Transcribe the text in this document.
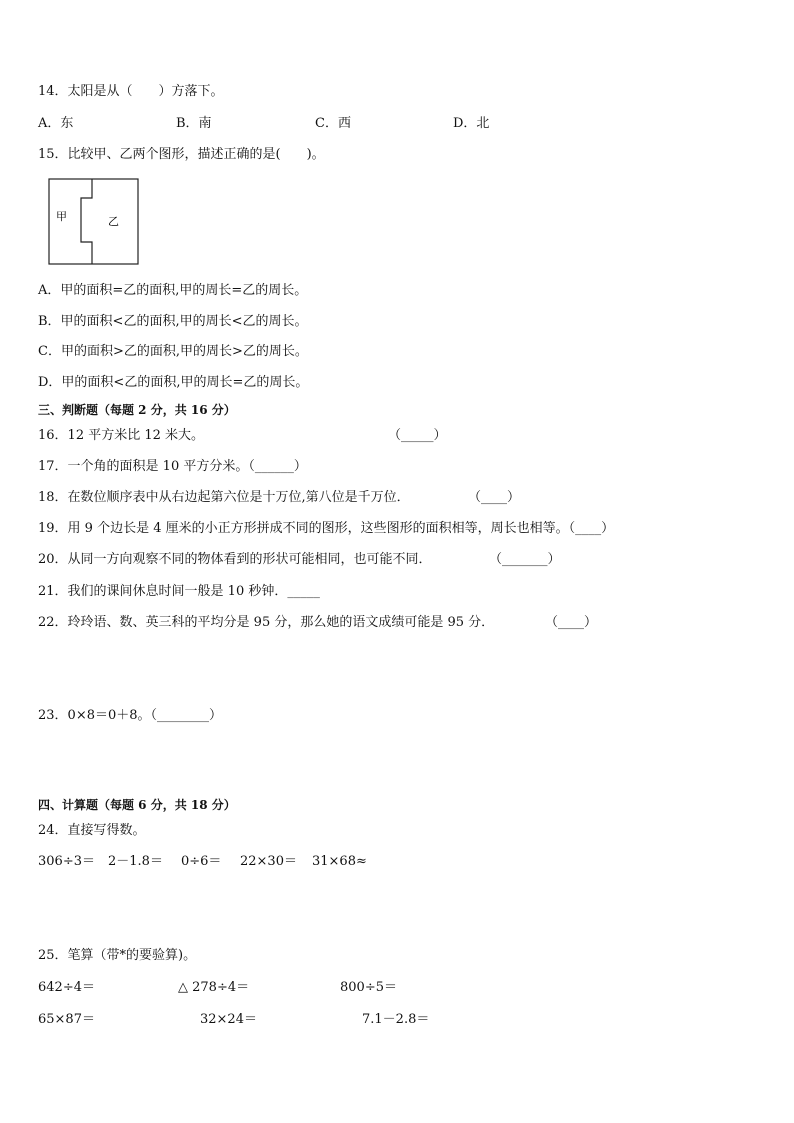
14．太阳是从（　　）方落下。
A．东	B．南	C．西	D．北
15．比较甲、乙两个图形，描述正确的是(　　)。
甲	乙
A．甲的面积=乙的面积,甲的周长=乙的周长。
B．甲的面积<乙的面积,甲的周长<乙的周长。
C．甲的面积>乙的面积,甲的周长>乙的周长。
D．甲的面积<乙的面积,甲的周长=乙的周长。
三、判断题（每题 2 分，共 16 分）
16．12 平方米比 12 米大。	（_____）
17．一个角的面积是 10 平方分米。（______）
18．在数位顺序表中从右边起第六位是十万位,第八位是千万位．	（____）
19．用 9 个边长是 4 厘米的小正方形拼成不同的图形，这些图形的面积相等，周长也相等。（____）
20．从同一方向观察不同的物体看到的形状可能相同，也可能不同．	（_______）
21．我们的课间休息时间一般是 10 秒钟．_____
22．玲玲语、数、英三科的平均分是 95 分，那么她的语文成绩可能是 95 分．	（____）
23．0×8＝0＋8。（________）
四、计算题（每题 6 分，共 18 分）
24．直接写得数。
306÷3＝ 2－1.8＝ 0÷6＝ 22×30＝ 31×68≈
25．笔算（带*的要验算)。
642÷4＝	△ 278÷4＝	800÷5＝
65×87＝	32×24＝	7.1－2.8＝
